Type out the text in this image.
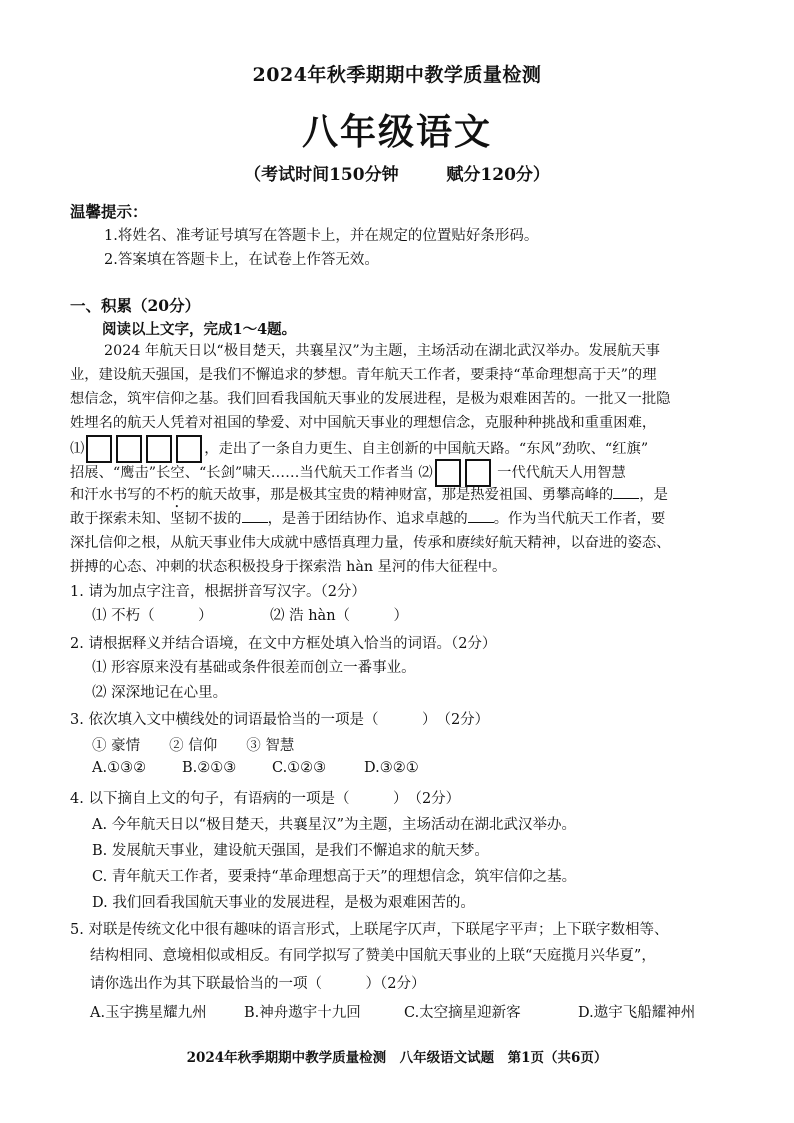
2024年秋季期期中教学质量检测
八年级语文
（考试时间150分钟	赋分120分）
温馨提示：
1.将姓名、准考证号填写在答题卡上，并在规定的位置贴好条形码。
2.答案填在答题卡上，在试卷上作答无效。
一、积累（20分）
阅读以上文字，完成1～4题。
2024 年航天日以“极目楚天，共襄星汉”为主题，主场活动在湖北武汉举办。发展航天事
业，建设航天强国，是我们不懈追求的梦想。青年航天工作者，要秉持“革命理想高于天”的理
想信念，筑牢信仰之基。我们回看我国航天事业的发展进程，是极为艰难困苦的。一批又一批隐
姓埋名的航天人凭着对祖国的挚爱、对中国航天事业的理想信念，克服种种挑战和重重困难，
⑴	，走出了一条自力更生、自主创新的中国航天路。“东风”劲吹、“红旗”
招展、“鹰击”长空、“长剑”啸天……当代航天工作者当 ⑵	一代代航天人用智慧
和汗水书写的不朽的航天故事，那是极其宝贵的精神财富，那是热爱祖国、勇攀高峰的 ，是
敢于探索未知、坚韧不拔的 ，是善于团结协作、追求卓越的 。作为当代航天工作者，要
深扎信仰之根，从航天事业伟大成就中感悟真理力量，传承和赓续好航天精神，以奋进的姿态、
拼搏的心态、冲刺的状态积极投身于探索浩 hàn 星河的伟大征程中。
1. 请为加点字注音，根据拼音写汉字。（2分）
⑴ 不朽（　　　）	⑵ 浩 hàn（　　　）
2. 请根据释义并结合语境，在文中方框处填入恰当的词语。（2分）
⑴ 形容原来没有基础或条件很差而创立一番事业。
⑵ 深深地记在心里。
3. 依次填入文中横线处的词语最恰当的一项是（　　　）　（2分）
① 豪情　　② 信仰　　③ 智慧
A.①③② B.②①③ C.①②③	D.③②①
4. 以下摘自上文的句子，有语病的一项是（　　　）　（2分）
A. 今年航天日以“极目楚天，共襄星汉”为主题，主场活动在湖北武汉举办。
B. 发展航天事业，建设航天强国，是我们不懈追求的航天梦。
C. 青年航天工作者，要秉持“革命理想高于天”的理想信念，筑牢信仰之基。
D. 我们回看我国航天事业的发展进程，是极为艰难困苦的。
5. 对联是传统文化中很有趣味的语言形式，上联尾字仄声，下联尾字平声；上下联字数相等、
结构相同、意境相似或相反。有同学拟写了赞美中国航天事业的上联“天庭揽月兴华夏”，
请你选出作为其下联最恰当的一项（　　　）（2分）
A.玉宇携星耀九州	B.神舟遨宇十九回	C.太空摘星迎新客	D.遨宇飞船耀神州
2024年秋季期期中教学质量检测　八年级语文试题　第1页（共6页）
